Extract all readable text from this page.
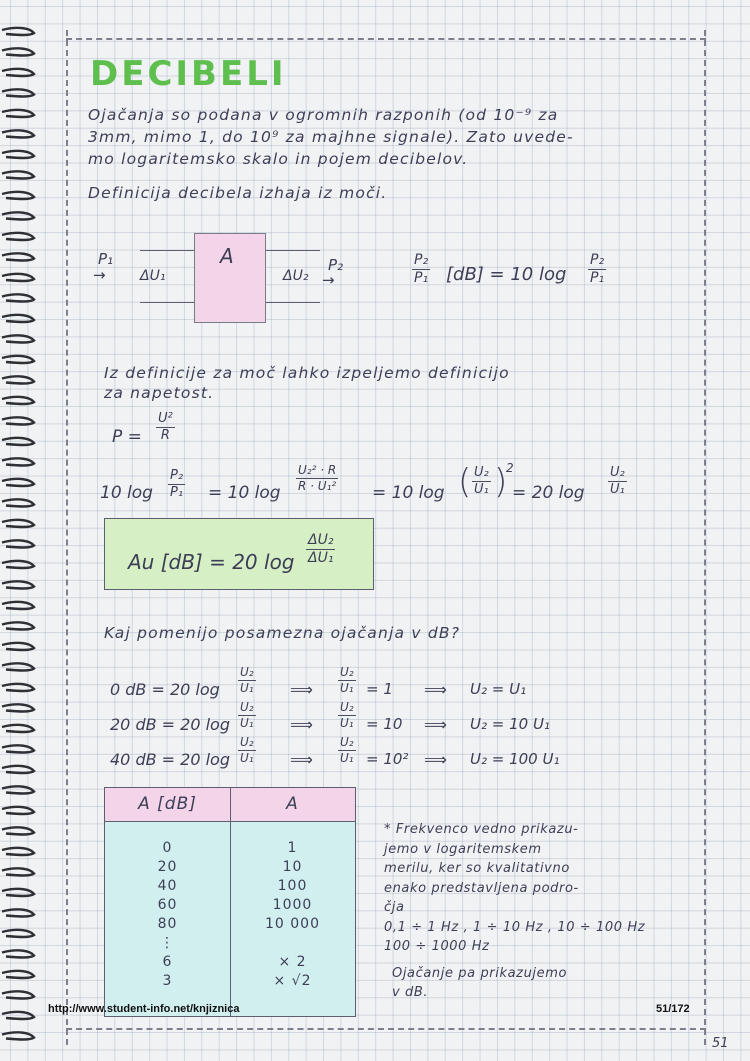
DECIBELI
Ojačanja so podana v ogromnih razponih (od 10⁻⁹ za
3mm, mimo 1, do 10⁹ za majhne signale). Zato uvede-
mo logaritemsko skalo in pojem decibelov.
Definicija decibela izhaja iz moči.
A
P₁
→ ΔU₁	ΔU₂
P₂
→	$\frac{\text{P₂}}{\text{P₁}} [dB] = 10$ $\log \frac{\text{P₂}}{\text{P₁}}$
Iz definicije za moč lahko izpeljemo definicijo
za napetost.
$P = \frac{\text{U²}}{R}$
10 $\log \frac{\text{P₂}}{\text{P₁}} = 10$ $\log \frac{\text{U₂² · R}}{\text{R · U₁²}} = 10$ log ( $\frac{\text{U₂}}{\text{U₁}}$ )
2
= 20 $\log \frac{\text{U₂}}{\text{U₁}}$
Au [dB] = 20 $\log \frac{\text{ΔU₂}}{\text{ΔU₁}}$
Kaj pomenijo posamezna ojačanja v dB?
0 dB = 20 $\log \frac{\text{U₂}}{\text{U₁}}$ ⟹ $\frac{\text{U₂}}{\text{U₁}} = 1$ ⟹ U₂ = U₁
20 dB = 20 $\log \frac{\text{U₂}}{\text{U₁}}$ ⟹ $\frac{\text{U₂}}{\text{U₁}} = 10$ ⟹ U₂ = 10 U₁
40 dB = 20 $\log \frac{\text{U₂}}{\text{U₁}}$ ⟹ $\frac{\text{U₂}}{\text{U₁}} = 10^2$ ⟹ U₂ = 100 U₁
A [dB]	A
0	1
20	10
40	100
60	1000
80	10 000
⋮
6	× 2
3	× √2
* Frekvenco vedno prikazu-
jemo v logaritemskem
merilu, ker so kvalitativno
enako predstavljena podro-
čja
0,1 ÷ 1 Hz , 1 ÷ 10 Hz , 10 ÷ 100 Hz
100 ÷ 1000 Hz
Ojačanje pa prikazujemo
v dB.
http://www.student-info.net/knjiznica	51/172
51
